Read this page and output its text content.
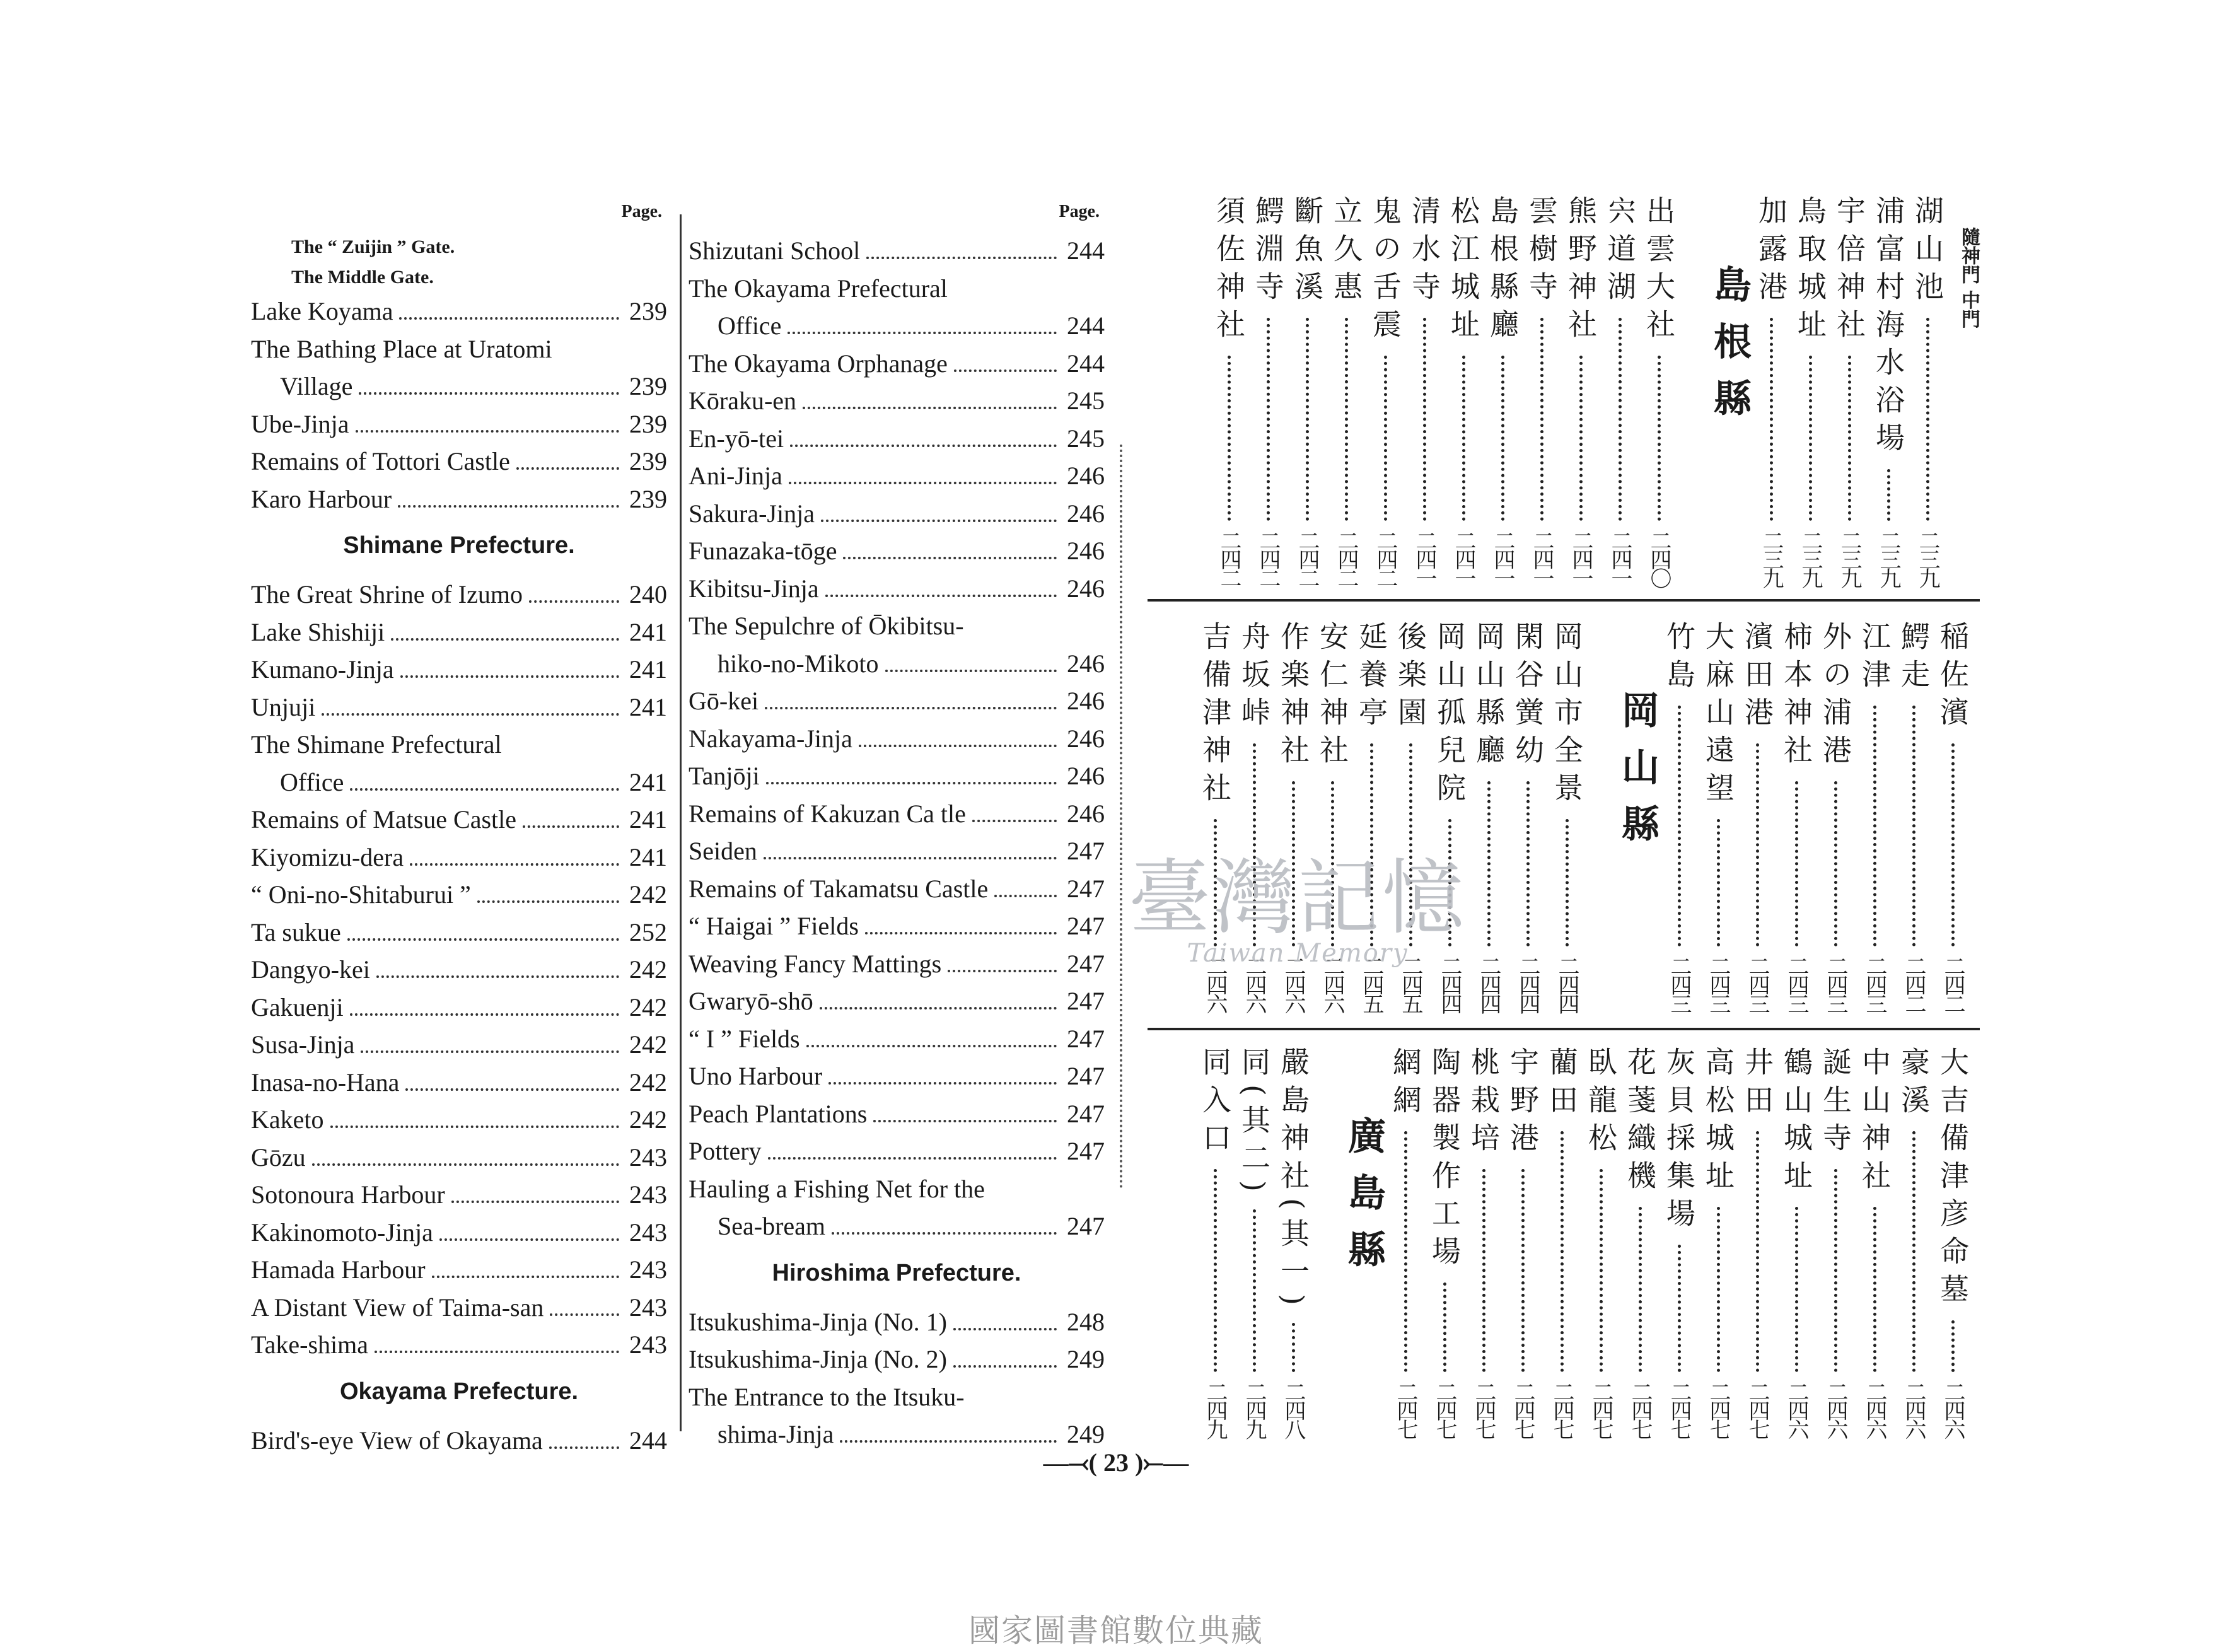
Page.
The “ Zuijin ” Gate.
The Middle Gate.
Lake Koyama	239
The Bathing Place at Uratomi
Village	239
Ube-Jinja	239
Remains of Tottori Castle	239
Karo Harbour	239
Shimane Prefecture.
The Great Shrine of Izumo	240
Lake Shishiji	241
Kumano-Jinja	241
Unjuji	241
The Shimane Prefectural
Office	241
Remains of Matsue Castle	241
Kiyomizu-dera	241
“ Oni-no-Shitaburui ”	242
Ta sukue	252
Dangyo-kei	242
Gakuenji	242
Susa-Jinja	242
Inasa-no-Hana	242
Kaketo	242
Gōzu	243
Sotonoura Harbour	243
Kakinomoto-Jinja	243
Hamada Harbour	243
A Distant View of Taima-san	243
Take-shima	243
Okayama Prefecture.
Bird's-eye View of Okayama	244
Page.
Shizutani School	244
The Okayama Prefectural
Office	244
The Okayama Orphanage	244
Kōraku-en	245
En-yō-tei	245
Ani-Jinja	246
Sakura-Jinja	246
Funazaka-tōge	246
Kibitsu-Jinja	246
The Sepulchre of Ōkibitsu-
hiko-no-Mikoto	246
Gō-kei	246
Nakayama-Jinja	246
Tanjōji	246
Remains of Kakuzan Ca tle	246
Seiden	247
Remains of Takamatsu Castle	247
“ Haigai ” Fields	247
Weaving Fancy Mattings	247
Gwaryō-shō	247
“ I ” Fields	247
Uno Harbour	247
Peach Plantations	247
Pottery	247
Hauling a Fishing Net for the
Sea-bream	247
Hiroshima Prefecture.
Itsukushima-Jinja (No. 1)	248
Itsukushima-Jinja (No. 2)	249
The Entrance to the Itsuku-
shima-Jinja	249
隨神門 中門
湖山池
二三九
浦富村海水浴場
二三九
宇倍神社
二三九
鳥取城址
二三九
加露港
二三九
島根縣
出雲大社
二四〇
宍道湖
二四一
熊野神社
二四一
雲樹寺
二四一
島根縣廳
二四一
松江城址
二四一
清水寺
二四一
鬼の舌震
二四二
立久惠
二四二
斷魚溪
二四二
鰐淵寺
二四二
須佐神社
二四二
稲佐濱
二四二
鰐走
二四二
江津
二四三
外の浦港
二四三
柿本神社
二四三
濱田港
二四三
大麻山遠望
二四三
竹島
二四三
岡山縣
岡山市全景
二四四
閑谷黉幼
二四四
岡山縣廳
二四四
岡山孤兒院
二四四
後楽園
二四五
延養亭
二四五
安仁神社
二四六
作楽神社
二四六
舟坂峠
二四六
吉備津神社
二四六
大吉備津彦命墓
二四六
豪溪
二四六
中山神社
二四六
誕生寺
二四六
鶴山城址
二四六
井田
二四七
高松城址
二四七
灰貝採集場
二四七
花菚織機
二四七
臥龍松
二四七
藺田
二四七
宇野港
二四七
桃栽培
二四七
陶器製作工場
二四七
網網
二四七
廣島縣
嚴島神社(其一)
二四八
同(其二)
二四九
同入口
二四九
—⤙( 23 )⤚—
臺灣記憶
Taiwan Memory
國家圖書館數位典藏
